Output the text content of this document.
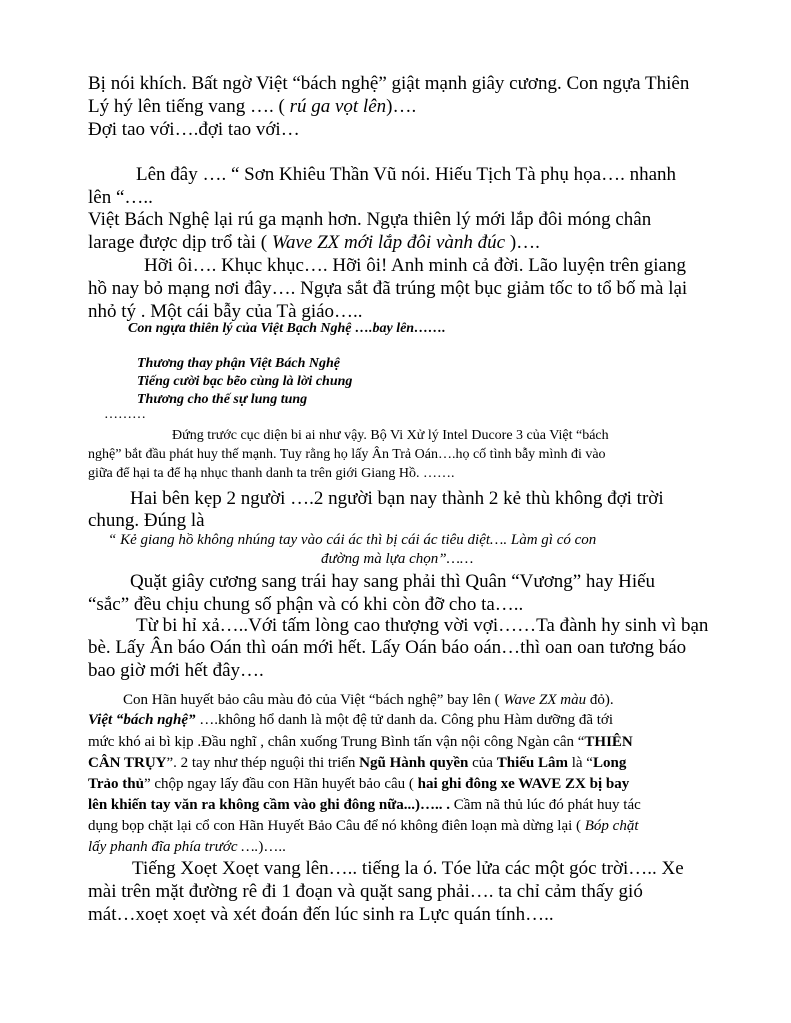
Bị nói khích. Bất ngờ Việt “bách nghệ” giật mạnh giây cương. Con ngựa Thiên
Lý hý lên tiếng vang …. ( rú ga vọt lên)….
Đợi tao với….đợi tao với…
Lên đây …. “ Sơn Khiêu Thần Vũ nói. Hiếu Tịch Tà phụ họa…. nhanh
lên “…..
Việt Bách Nghệ lại rú ga mạnh hơn. Ngựa thiên lý mới lắp đôi móng chân
larage được dịp trổ tài ( Wave ZX mới lắp đôi vành đúc )….
Hỡi ôi…. Khục khục…. Hỡi ôi! Anh minh cả đời. Lão luyện trên giang
hồ nay bỏ mạng nơi đây…. Ngựa sắt đã trúng một bục giảm tốc to tổ bố mà lại
nhỏ tý . Một cái bẫy của Tà giáo…..
Con ngựa thiên lý của Việt Bạch Nghệ ….bay lên…….
Thương thay phận Việt Bách Nghệ
Tiếng cười bạc bẽo cùng là lời chung
Thương cho thế sự lung tung
………
Đứng trước cục diện bi ai như vậy. Bộ Vi Xử lý Intel Ducore 3 của Việt “bách
nghệ” bắt đầu phát huy thế mạnh. Tuy rằng họ lấy Ân Trả Oán….họ cố tình bẫy mình đi vào
giữa để hại ta để hạ nhục thanh danh ta trên giới Giang Hồ. …….
Hai bên kẹp 2 người ….2 người bạn nay thành 2 kẻ thù không đợi trời
chung. Đúng là
“ Kẻ giang hồ không nhúng tay vào cái ác thì bị cái ác tiêu diệt…. Làm gì có con
đường mà lựa chọn”……
Quặt giây cương sang trái hay sang phải thì Quân “Vương” hay Hiếu
“sắc” đều chịu chung số phận và có khi còn đỡ cho ta…..
Từ bi hỉ xả…..Với tấm lòng cao thượng vời vợi……Ta đành hy sinh vì bạn
bè. Lấy Ân báo Oán thì oán mới hết. Lấy Oán báo oán…thì oan oan tương báo
bao giờ mới hết đây….
Con Hãn huyết bảo câu màu đỏ của Việt “bách nghệ” bay lên ( Wave ZX màu đỏ).
Việt “bách nghệ” ….không hổ danh là một đệ tử danh da. Công phu Hàm dưỡng đã tới
mức khó ai bì kịp .Đầu nghĩ , chân xuống Trung Bình tấn vận nội công Ngàn cân “THIÊN
CÂN TRỤY”. 2 tay như thép nguội thi triển Ngũ Hành quyền của Thiếu Lâm là “Long
Trảo thủ” chộp ngay lấy đầu con Hãn huyết bảo câu ( hai ghi đông xe WAVE ZX bị bay
lên khiến tay văn ra không cầm vào ghi đông nữa...)….. . Cầm nã thủ lúc đó phát huy tác
dụng bọp chặt lại cổ con Hãn Huyết Bảo Câu để nó không điên loạn mà dừng lại ( Bóp chặt
lấy phanh đĩa phía trước ….)…..
Tiếng Xoẹt Xoẹt vang lên….. tiếng la ó. Tóe lửa các một góc trời….. Xe
mài trên mặt đường rê đi 1 đoạn và quặt sang phải…. ta chỉ cảm thấy gió
mát…xoẹt xoẹt và xét đoán đến lúc sinh ra Lực quán tính…..
